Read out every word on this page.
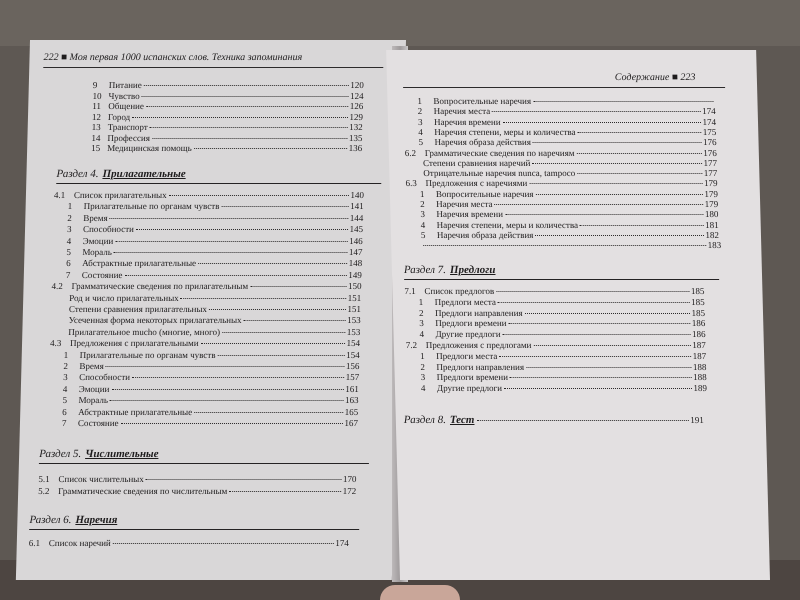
222 ■ Моя первая 1000 испанских слов. Техника запоминания
9	Питание	120
10 Чувство	124
11 Общение	126
12 Город	129
13 Транспорт	132
14 Профессия	135
15 Медицинская помощь	136
Раздел 4. Прилагательные
4.1 Список прилагательных	140
1	Прилагательные по органам чувств	141
2	Время	144
3	Способности	145
4	Эмоции	146
5	Мораль	147
6	Абстрактные прилагательные	148
7	Состояние	149
4.2 Грамматические сведения по прилагательным	150
Род и число прилагательных	151
Степени сравнения прилагательных	151
Усеченная форма некоторых прилагательных	153
Прилагательное mucho (многие, много)	153
4.3 Предложения с прилагательными	154
1	Прилагательные по органам чувств	154
2	Время	156
3	Способности	157
4	Эмоции	161
5	Мораль	163
6	Абстрактные прилагательные	165
7	Состояние	167
Раздел 5. Числительные
5.1 Список числительных	170
5.2 Грамматические сведения по числительным	172
Раздел 6. Наречия
6.1 Список наречий	174
Содержание ■ 223
1	Вопросительные наречия
2	Наречия места	174
3	Наречия времени	174
4	Наречия степени, меры и количества	175
5	Наречия образа действия	176
6.2 Грамматические сведения по наречиям	176
Степени сравнения наречий	177
Отрицательные наречия nunca, tampoco	177
6.3 Предложения с наречиями	179
1	Вопросительные наречия	179
2	Наречия места	179
3	Наречия времени	180
4	Наречия степени, меры и количества	181
5	Наречия образа действия	182
183
Раздел 7. Предлоги
7.1 Список предлогов	185
1	Предлоги места	185
2	Предлоги направления	185
3	Предлоги времени	186
4	Другие предлоги	186
7.2 Предложения с предлогами	187
1	Предлоги места	187
2	Предлоги направления	188
3	Предлоги времени	188
4	Другие предлоги	189
Раздел 8. Тест	191
